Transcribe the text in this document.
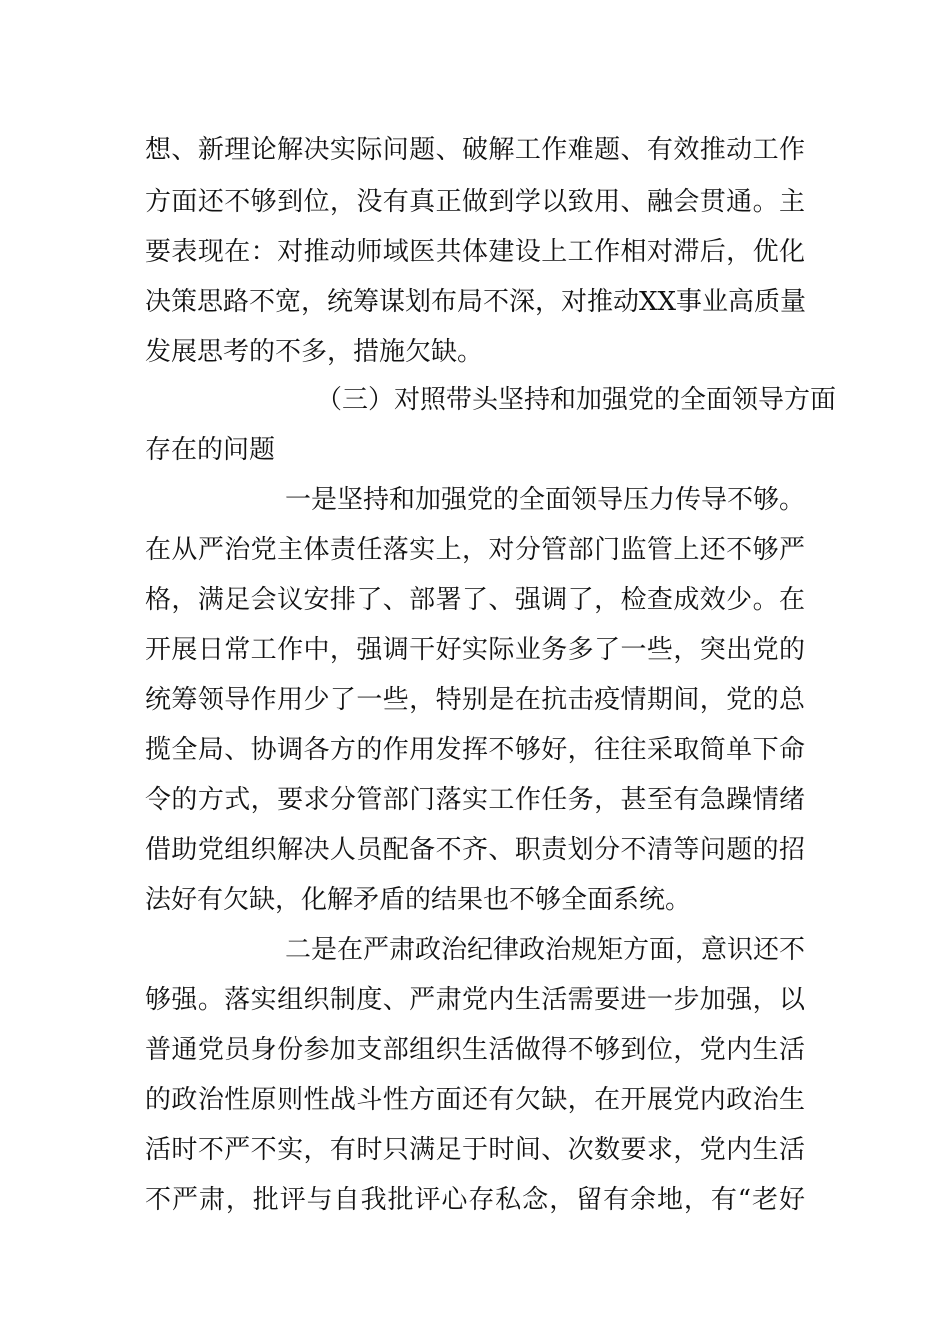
想、新理论解决实际问题、破解工作难题、有效推动工作
方面还不够到位，没有真正做到学以致用、融会贯通。主
要表现在：对推动师域医共体建设上工作相对滞后，优化
决策思路不宽，统筹谋划布局不深，对推动XX事业高质量
发展思考的不多，措施欠缺。
（三）对照带头坚持和加强党的全面领导方面
存在的问题
一是坚持和加强党的全面领导压力传导不够。
在从严治党主体责任落实上，对分管部门监管上还不够严
格，满足会议安排了、部署了、强调了，检查成效少。在
开展日常工作中，强调干好实际业务多了一些，突出党的
统筹领导作用少了一些，特别是在抗击疫情期间，党的总
揽全局、协调各方的作用发挥不够好，往往采取简单下命
令的方式，要求分管部门落实工作任务，甚至有急躁情绪
借助党组织解决人员配备不齐、职责划分不清等问题的招
法好有欠缺，化解矛盾的结果也不够全面系统。
二是在严肃政治纪律政治规矩方面，意识还不
够强。落实组织制度、严肃党内生活需要进一步加强，以
普通党员身份参加支部组织生活做得不够到位，党内生活
的政治性原则性战斗性方面还有欠缺，在开展党内政治生
活时不严不实，有时只满足于时间、次数要求，党内生活
不严肃，批评与自我批评心存私念，留有余地，有“老好
